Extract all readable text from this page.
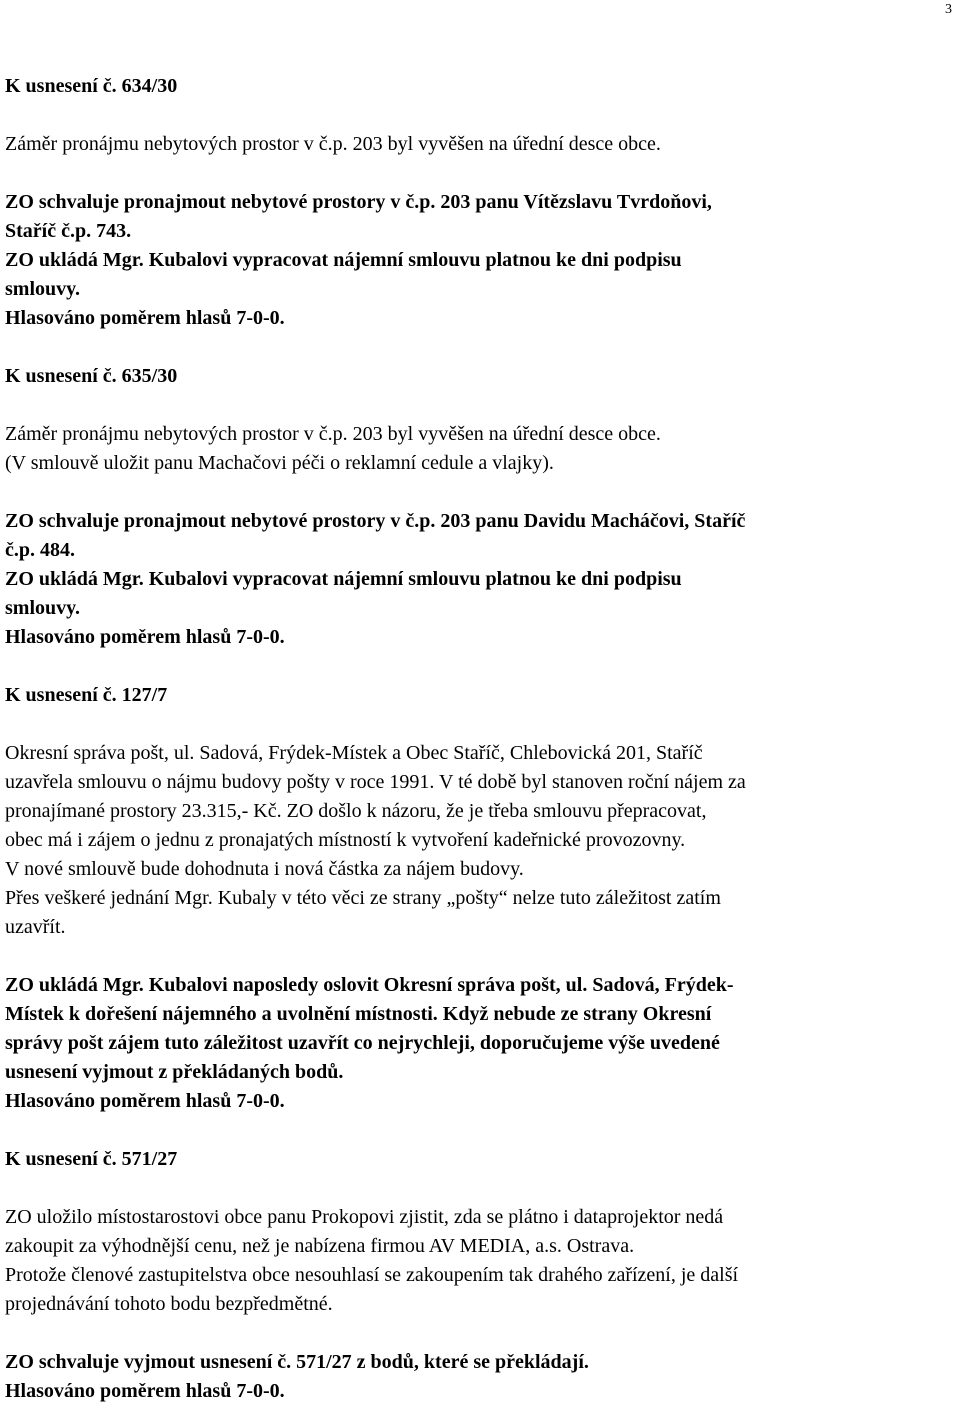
3
K usnesení č. 634/30
Záměr pronájmu nebytových prostor v č.p. 203 byl vyvěšen na úřední desce obce.
ZO schvaluje pronajmout nebytové prostory v č.p. 203 panu Vítězslavu Tvrdoňovi,
Staříč č.p. 743.
ZO ukládá Mgr. Kubalovi vypracovat nájemní smlouvu platnou ke dni podpisu
smlouvy.
Hlasováno poměrem hlasů 7-0-0.
K usnesení č. 635/30
Záměr pronájmu nebytových prostor v č.p. 203 byl vyvěšen na úřední desce obce.
(V smlouvě uložit panu Machačovi péči o reklamní cedule a vlajky).
ZO schvaluje pronajmout nebytové prostory v č.p. 203 panu Davidu Macháčovi, Staříč
č.p. 484.
ZO ukládá Mgr. Kubalovi vypracovat nájemní smlouvu platnou ke dni podpisu
smlouvy.
Hlasováno poměrem hlasů 7-0-0.
K usnesení č. 127/7
Okresní správa pošt, ul. Sadová, Frýdek-Místek a Obec Staříč, Chlebovická 201, Staříč
uzavřela smlouvu o nájmu budovy pošty v roce 1991. V té době byl stanoven roční nájem za
pronajímané prostory 23.315,- Kč. ZO došlo k názoru, že je třeba smlouvu přepracovat,
obec má i zájem o jednu z pronajatých místností k vytvoření kadeřnické provozovny.
V nové smlouvě bude dohodnuta i nová částka za nájem budovy.
Přes veškeré jednání Mgr. Kubaly v této věci ze strany „pošty“ nelze tuto záležitost zatím
uzavřít.
ZO ukládá Mgr. Kubalovi naposledy oslovit Okresní správa pošt, ul. Sadová, Frýdek-
Místek k dořešení nájemného a uvolnění místnosti. Když nebude ze strany Okresní
správy pošt zájem tuto záležitost uzavřít co nejrychleji, doporučujeme výše uvedené
usnesení vyjmout z překládaných bodů.
Hlasováno poměrem hlasů 7-0-0.
K usnesení č. 571/27
ZO uložilo místostarostovi obce panu Prokopovi zjistit, zda se plátno i dataprojektor nedá
zakoupit za výhodnější cenu, než je nabízena firmou AV MEDIA, a.s. Ostrava.
Protože členové zastupitelstva obce nesouhlasí se zakoupením tak drahého zařízení, je další
projednávání tohoto bodu bezpředmětné.
ZO schvaluje vyjmout usnesení č. 571/27 z bodů, které se překládají.
Hlasováno poměrem hlasů 7-0-0.
